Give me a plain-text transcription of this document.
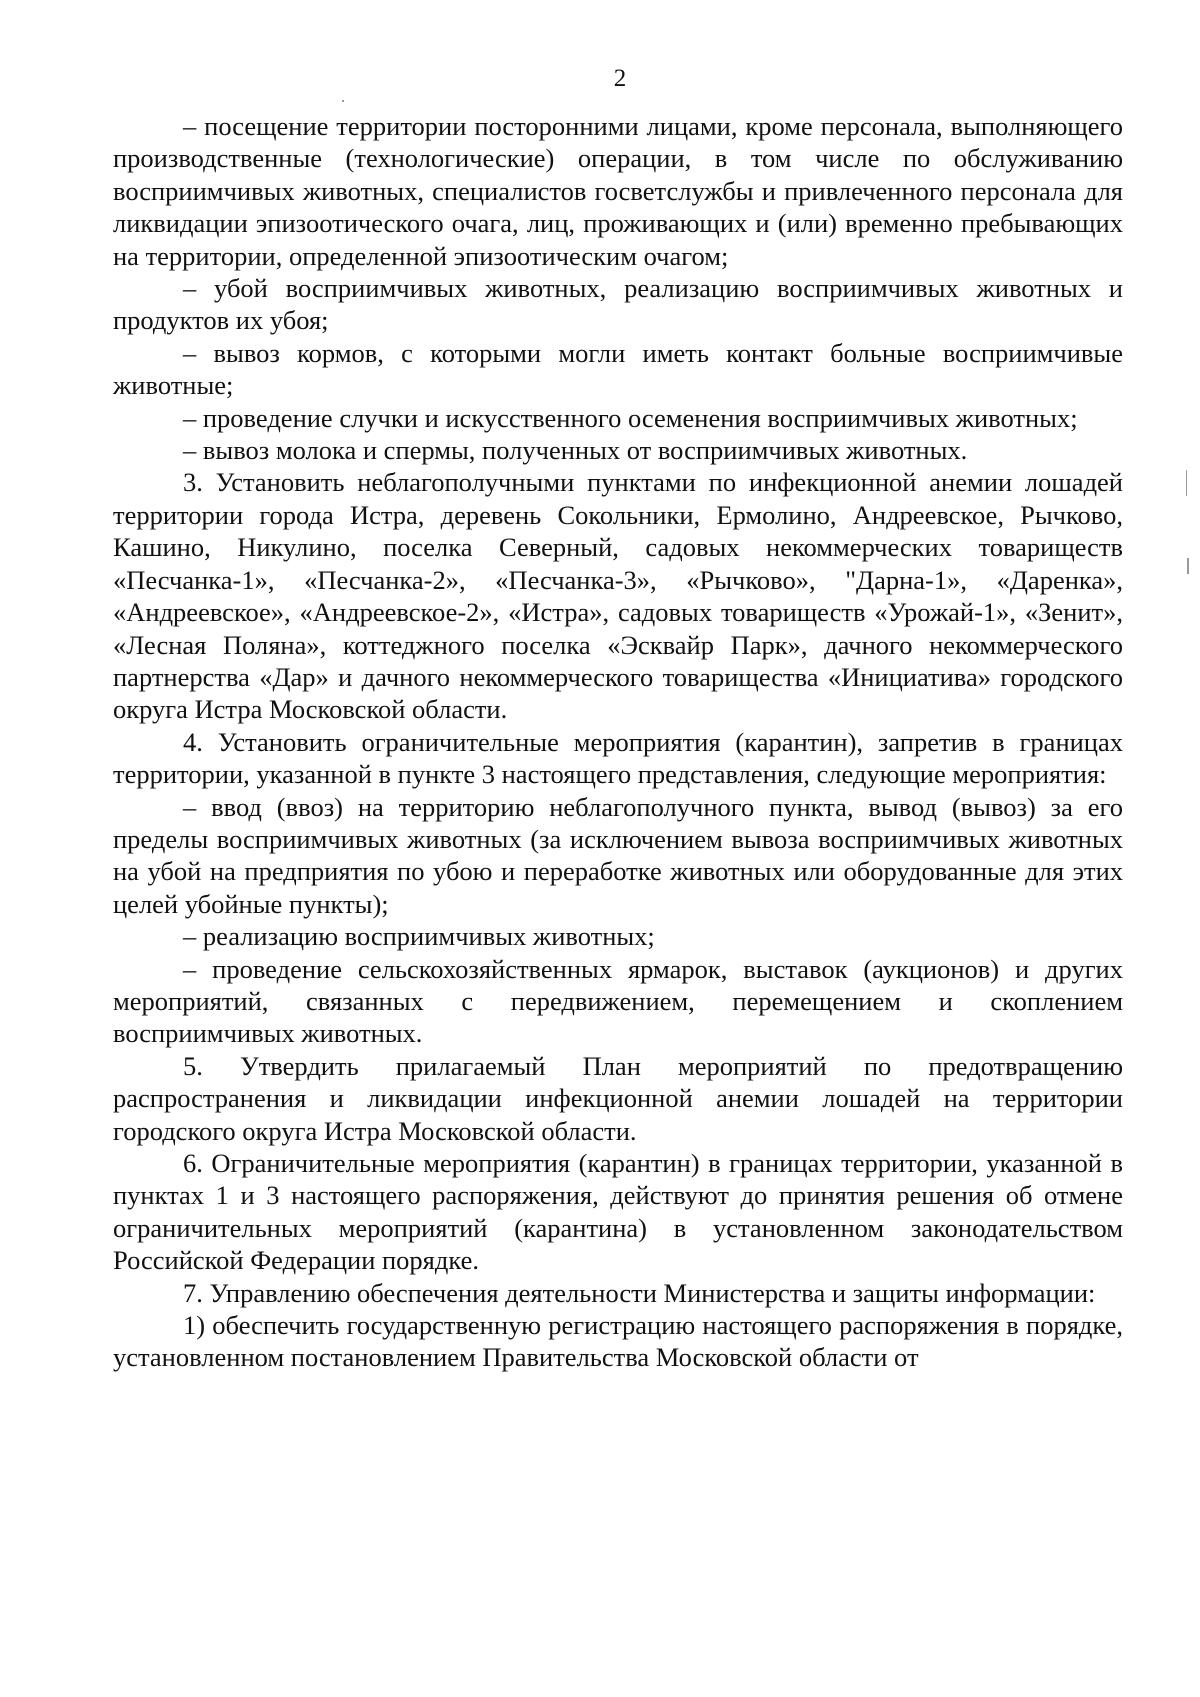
2

– посещение территории посторонними лицами, кроме персонала, выполняющего производственные (технологические) операции, в том числе по обслуживанию восприимчивых животных, специалистов госветслужбы и привлеченного персонала для ликвидации эпизоотического очага, лиц, проживающих и (или) временно пребывающих на территории, определенной эпизоотическим очагом;

– убой восприимчивых животных, реализацию восприимчивых животных и продуктов их убоя;

– вывоз кормов, с которыми могли иметь контакт больные восприимчивые животные;

– проведение случки и искусственного осеменения восприимчивых животных;

– вывоз молока и спермы, полученных от восприимчивых животных.

3. Установить неблагополучными пунктами по инфекционной анемии лошадей территории города Истра, деревень Сокольники, Ермолино, Андреевское, Рычково, Кашино, Никулино, поселка Северный, садовых некоммерческих товариществ «Песчанка-1», «Песчанка-2», «Песчанка-3», «Рычково», "Дарна-1», «Даренка», «Андреевское», «Андреевское-2», «Истра», садовых товариществ «Урожай-1», «Зенит», «Лесная Поляна», коттеджного поселка «Эсквайр Парк», дачного некоммерческого партнерства «Дар» и дачного некоммерческого товарищества «Инициатива» городского округа Истра Московской области.

4. Установить ограничительные мероприятия (карантин), запретив в границах территории, указанной в пункте 3 настоящего представления, следующие мероприятия:

– ввод (ввоз) на территорию неблагополучного пункта, вывод (вывоз) за его пределы восприимчивых животных (за исключением вывоза восприимчивых животных на убой на предприятия по убою и переработке животных или оборудованные для этих целей убойные пункты);

– реализацию восприимчивых животных;

– проведение сельскохозяйственных ярмарок, выставок (аукционов) и других мероприятий, связанных с передвижением, перемещением и скоплением восприимчивых животных.

5. Утвердить прилагаемый План мероприятий по предотвращению распространения и ликвидации инфекционной анемии лошадей на территории городского округа Истра Московской области.

6. Ограничительные мероприятия (карантин) в границах территории, указанной в пунктах 1 и 3 настоящего распоряжения, действуют до принятия решения об отмене ограничительных мероприятий (карантина) в установленном законодательством Российской Федерации порядке.

7. Управлению обеспечения деятельности Министерства и защиты информации:

1) обеспечить государственную регистрацию настоящего распоряжения в порядке, установленном постановлением Правительства Московской области от
